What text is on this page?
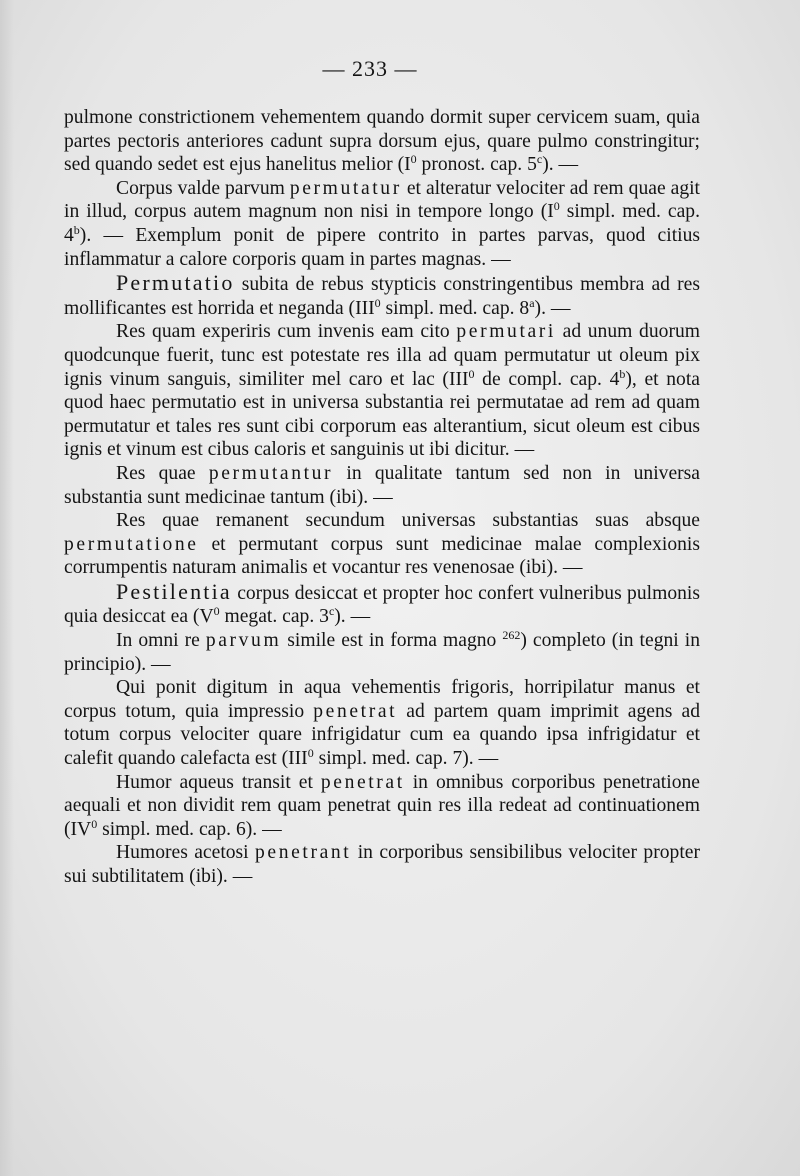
— 233 —

pulmone constrictionem vehementem quando dormit super cervicem suam, quia partes pectoris anteriores cadunt supra dorsum ejus, quare pulmo constringitur; sed quando sedet est ejus hanelitus melior ($I^0$ pronost. cap. 5$^c$). —

Corpus valde parvum permutatur et alteratur velociter ad rem quae agit in illud, corpus autem magnum non nisi in tempore longo ($I^0$ simpl. med. cap. 4$^b$). — Exemplum ponit de pipere contrito in partes parvas, quod citius inflammatur a calore corporis quam in partes magnas. —

Permutatio subita de rebus stypticis constringentibus membra ad res mollificantes est horrida et neganda (III$^0$ simpl. med. cap. 8$^a$). —

Res quam experiris cum invenis eam cito permutari ad unum duorum quodcunque fuerit, tunc est potestate res illa ad quam permutatur ut oleum pix ignis vinum sanguis, similiter mel caro et lac (III$^0$ de compl. cap. 4$^b$), et nota quod haec permutatio est in universa substantia rei permutatae ad rem ad quam permutatur et tales res sunt cibi corporum eas alterantium, sicut oleum est cibus ignis et vinum est cibus caloris et sanguinis ut ibi dicitur. —

Res quae permutantur in qualitate tantum sed non in universa substantia sunt medicinae tantum (ibi). —

Res quae remanent secundum universas substantias suas absque permutatione et permutant corpus sunt medicinae malae complexionis corrumpentis naturam animalis et vocantur res venenosae (ibi). —

Pestilentia corpus desiccat et propter hoc confert vulneribus pulmonis quia desiccat ea ($V^0$ megat. cap. 3$^c$). —

In omni re parvum simile est in forma magno $^{262}$) completo (in tegni in principio). —

Qui ponit digitum in aqua vehementis frigoris, horripilatur manus et corpus totum, quia impressio penetrat ad partem quam imprimit agens ad totum corpus velociter quare infrigidatur cum ea quando ipsa infrigidatur et calefit quando calefacta est (III$^0$ simpl. med. cap. 7). —

Humor aqueus transit et penetrat in omnibus corporibus penetratione aequali et non dividit rem quam penetrat quin res illa redeat ad continuationem ($IV^0$ simpl. med. cap. 6). —

Humores acetosi penetrant in corporibus sensibilibus velociter propter sui subtilitatem (ibi). —
